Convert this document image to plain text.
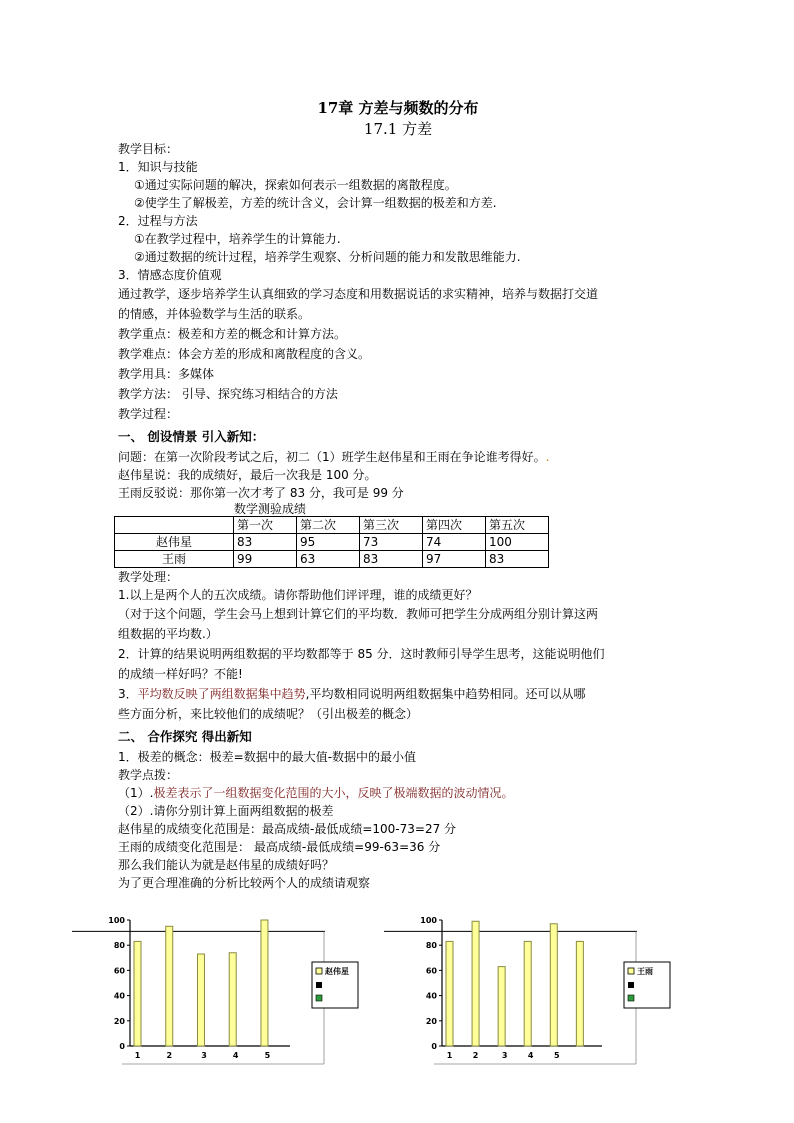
17章 方差与频数的分布
17.1 方差
教学目标：
1．知识与技能
①通过实际问题的解决，探索如何表示一组数据的离散程度。
②使学生了解极差，方差的统计含义，会计算一组数据的极差和方差.
2．过程与方法
①在教学过程中，培养学生的计算能力.
②通过数据的统计过程，培养学生观察、分析问题的能力和发散思维能力.
3．情感态度价值观
通过教学，逐步培养学生认真细致的学习态度和用数据说话的求实精神，培养与数据打交道
的情感，并体验数学与生活的联系。
教学重点：极差和方差的概念和计算方法。
教学难点：体会方差的形成和离散程度的含义。
教学用具：多媒体
教学方法： 引导、探究练习相结合的方法
教学过程：
一、 创设情景 引入新知：
问题：在第一次阶段考试之后，初二（1）班学生赵伟星和王雨在争论谁考得好。.
赵伟星说：我的成绩好，最后一次我是 100 分。
王雨反驳说：那你第一次才考了 83 分，我可是 99 分
数学测验成绩
	第一次	第二次	第三次	第四次	第五次
赵伟星	83	95	73	74	100
王雨	99	63	83	97	83
教学处理：
1.以上是两个人的五次成绩。请你帮助他们评评理，谁的成绩更好？
（对于这个问题，学生会马上想到计算它们的平均数．教师可把学生分成两组分别计算这两
组数据的平均数.）
2．计算的结果说明两组数据的平均数都等于 85 分．这时教师引导学生思考，这能说明他们
的成绩一样好吗？不能!
3．平均数反映了两组数据集中趋势,平均数相同说明两组数据集中趋势相同。还可以从哪
些方面分析，来比较他们的成绩呢？（引出极差的概念）
二、 合作探究 得出新知
1．极差的概念：极差=数据中的最大值-数据中的最小值
教学点拨：
（1）.极差表示了一组数据变化范围的大小，反映了极端数据的波动情况。
（2）.请你分别计算上面两组数据的极差
赵伟星的成绩变化范围是：最高成绩-最低成绩=100-73=27 分
王雨的成绩变化范围是： 最高成绩-最低成绩=99-63=36 分
那么我们能认为就是赵伟星的成绩好吗？
为了更合理准确的分析比较两个人的成绩请观察
0
20
40
60
80
100
1	2	3	4	5
赵伟星
0
20
40
60
80
100
1	2	3	4	5
王雨
